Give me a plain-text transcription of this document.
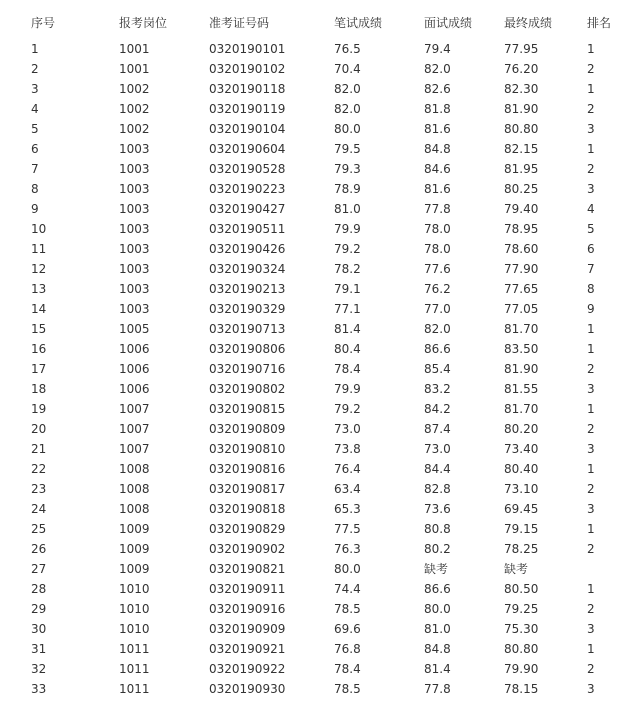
序号	报考岗位	准考证号码	笔试成绩	面试成绩	最终成绩	排名
1	1001	0320190101	76.5	79.4	77.95	1
2	1001	0320190102	70.4	82.0	76.20	2
3	1002	0320190118	82.0	82.6	82.30	1
4	1002	0320190119	82.0	81.8	81.90	2
5	1002	0320190104	80.0	81.6	80.80	3
6	1003	0320190604	79.5	84.8	82.15	1
7	1003	0320190528	79.3	84.6	81.95	2
8	1003	0320190223	78.9	81.6	80.25	3
9	1003	0320190427	81.0	77.8	79.40	4
10	1003	0320190511	79.9	78.0	78.95	5
11	1003	0320190426	79.2	78.0	78.60	6
12	1003	0320190324	78.2	77.6	77.90	7
13	1003	0320190213	79.1	76.2	77.65	8
14	1003	0320190329	77.1	77.0	77.05	9
15	1005	0320190713	81.4	82.0	81.70	1
16	1006	0320190806	80.4	86.6	83.50	1
17	1006	0320190716	78.4	85.4	81.90	2
18	1006	0320190802	79.9	83.2	81.55	3
19	1007	0320190815	79.2	84.2	81.70	1
20	1007	0320190809	73.0	87.4	80.20	2
21	1007	0320190810	73.8	73.0	73.40	3
22	1008	0320190816	76.4	84.4	80.40	1
23	1008	0320190817	63.4	82.8	73.10	2
24	1008	0320190818	65.3	73.6	69.45	3
25	1009	0320190829	77.5	80.8	79.15	1
26	1009	0320190902	76.3	80.2	78.25	2
27	1009	0320190821	80.0	缺考	缺考
28	1010	0320190911	74.4	86.6	80.50	1
29	1010	0320190916	78.5	80.0	79.25	2
30	1010	0320190909	69.6	81.0	75.30	3
31	1011	0320190921	76.8	84.8	80.80	1
32	1011	0320190922	78.4	81.4	79.90	2
33	1011	0320190930	78.5	77.8	78.15	3
